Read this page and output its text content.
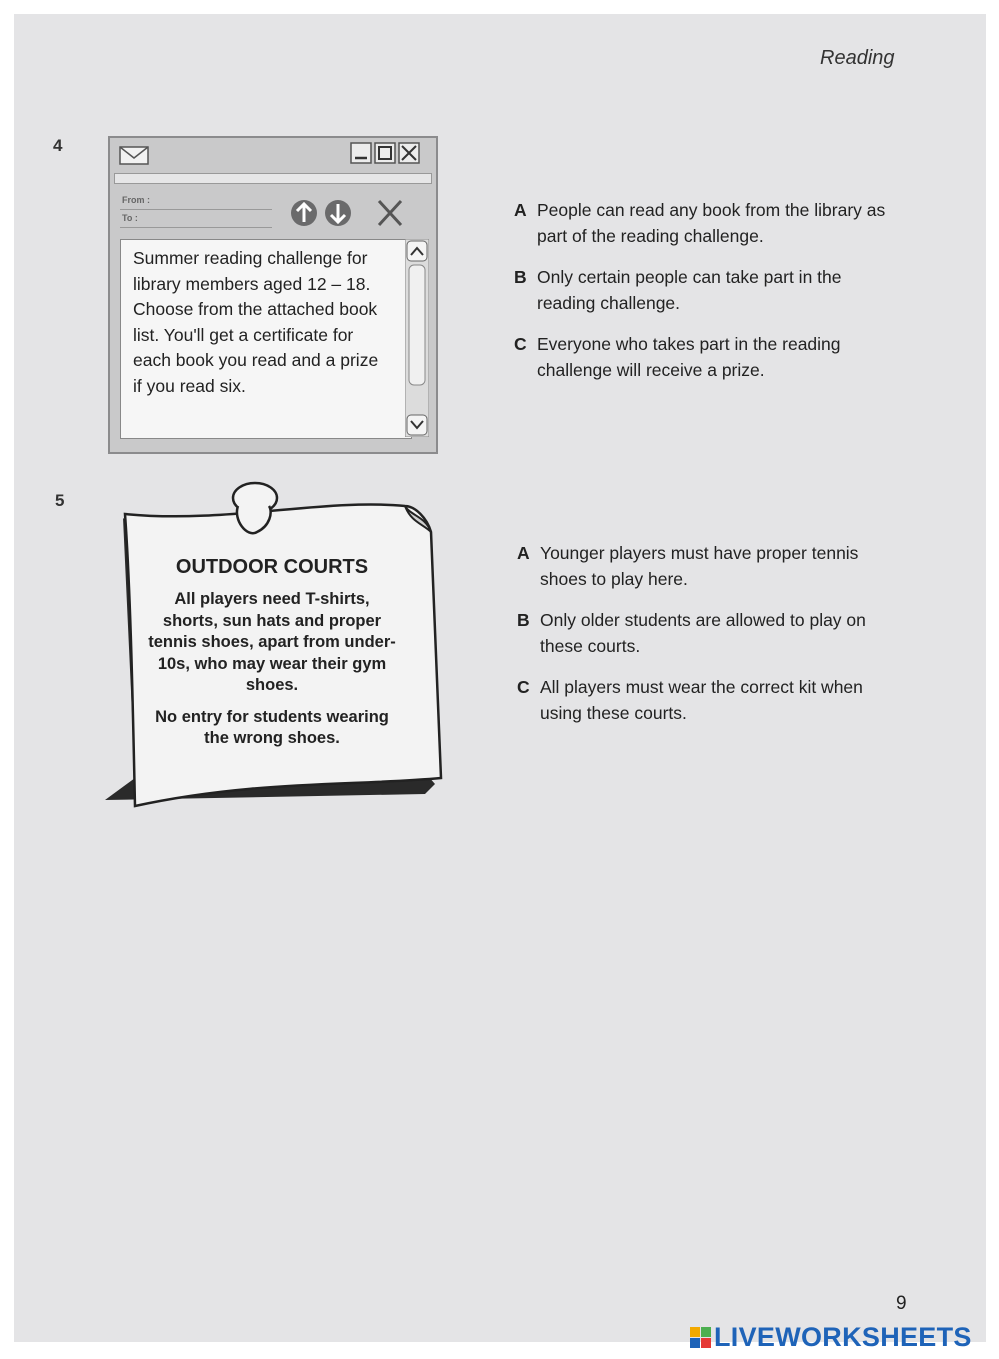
Reading
4
From :
To :

Summer reading challenge for library members aged 12 – 18. Choose from the attached book list. You'll get a certificate for each book you read and a prize if you read six.

A People can read any book from the library as part of the reading challenge.
B Only certain people can take part in the reading challenge.
C Everyone who takes part in the reading challenge will receive a prize.
5
OUTDOOR COURTS

All players need T-shirts, shorts, sun hats and proper tennis shoes, apart from under-10s, who may wear their gym shoes.

No entry for students wearing the wrong shoes.

A Younger players must have proper tennis shoes to play here.
B Only older students are allowed to play on these courts.
C All players must wear the correct kit when using these courts.
9
LIVEWORKSHEETS
